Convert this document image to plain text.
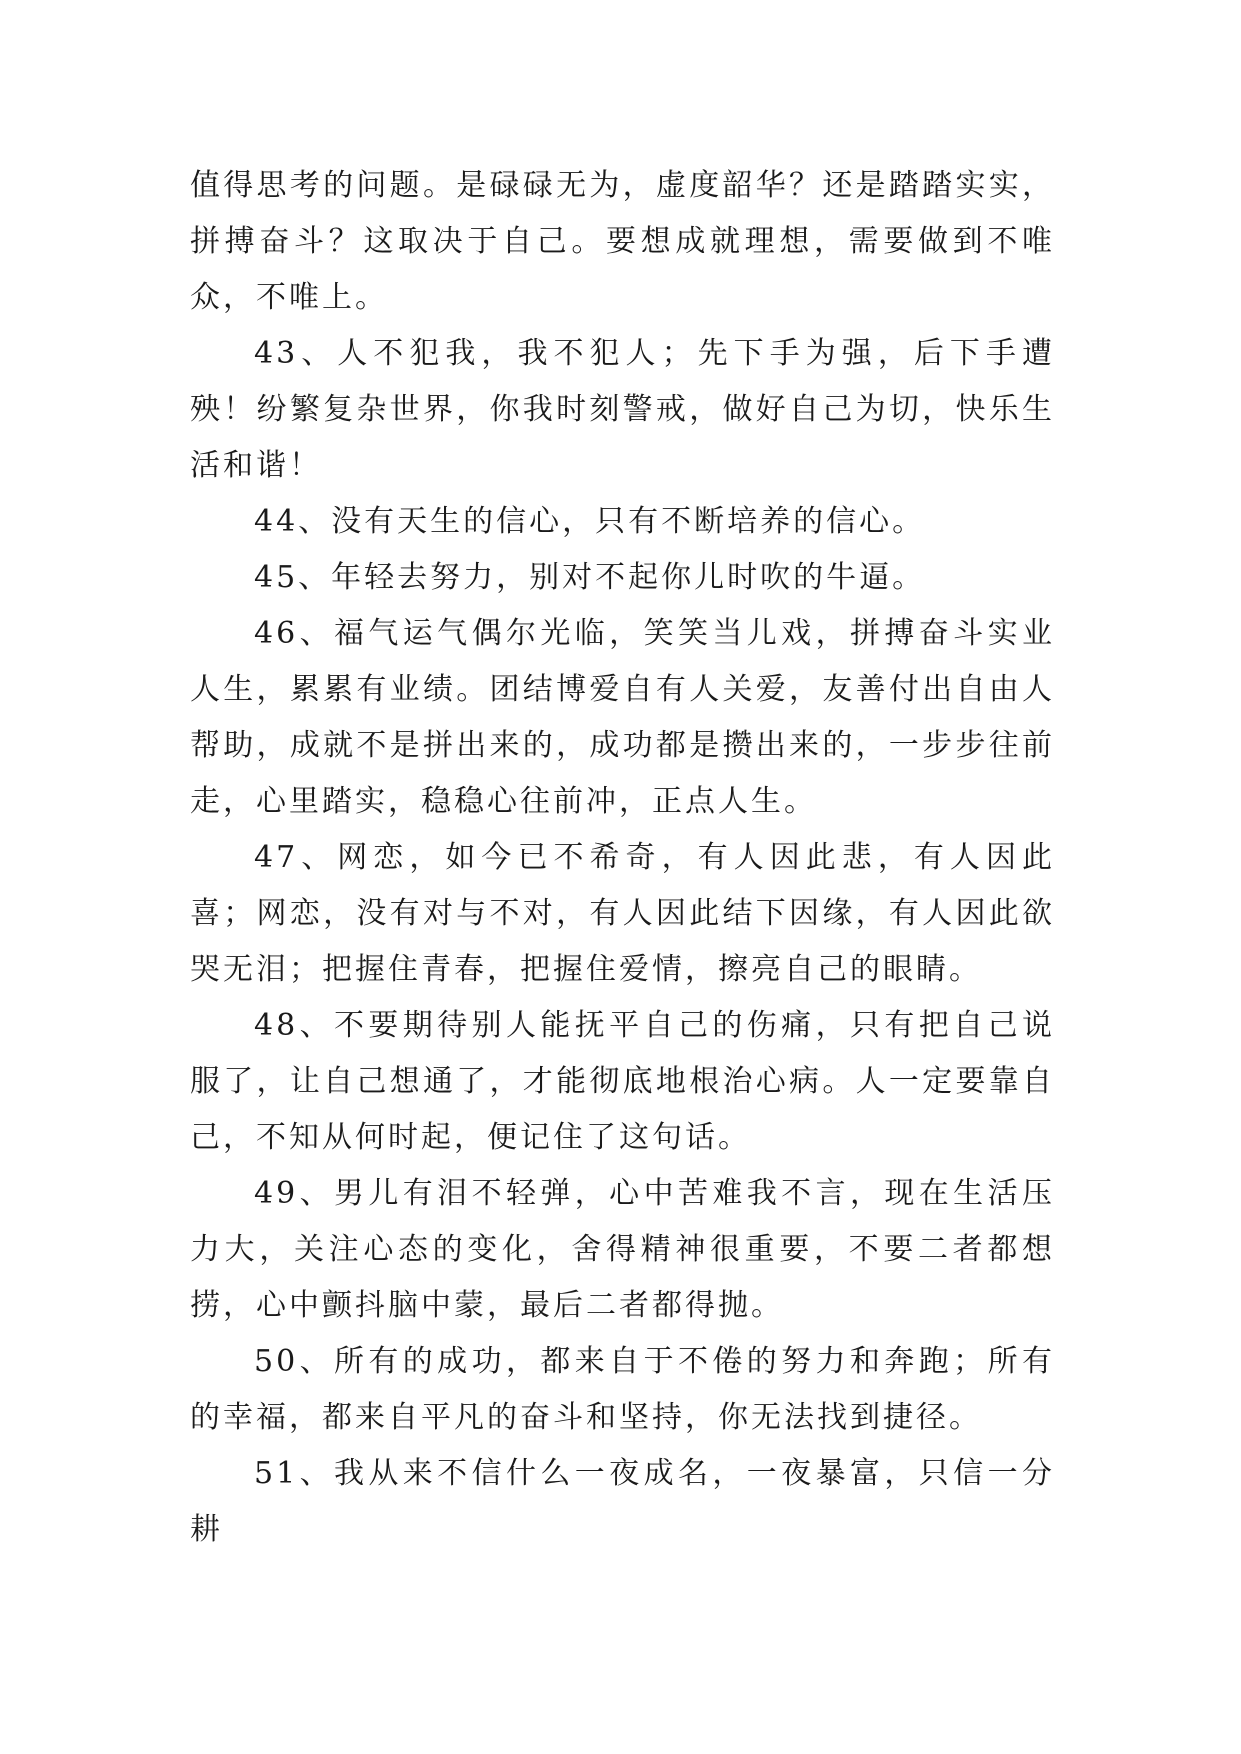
值得思考的问题。是碌碌无为，虚度韶华？还是踏踏实实，拼搏奋斗？这取决于自己。要想成就理想，需要做到不唯众，不唯上。

43、人不犯我，我不犯人；先下手为强，后下手遭殃！纷繁复杂世界，你我时刻警戒，做好自己为切，快乐生活和谐！

44、没有天生的信心，只有不断培养的信心。

45、年轻去努力，别对不起你儿时吹的牛逼。

46、福气运气偶尔光临，笑笑当儿戏，拼搏奋斗实业人生，累累有业绩。团结博爱自有人关爱，友善付出自由人帮助，成就不是拼出来的，成功都是攒出来的，一步步往前走，心里踏实，稳稳心往前冲，正点人生。

47、网恋，如今已不希奇，有人因此悲，有人因此喜；网恋，没有对与不对，有人因此结下因缘，有人因此欲哭无泪；把握住青春，把握住爱情，擦亮自己的眼睛。

48、不要期待别人能抚平自己的伤痛，只有把自己说服了，让自己想通了，才能彻底地根治心病。人一定要靠自己，不知从何时起，便记住了这句话。

49、男儿有泪不轻弹，心中苦难我不言，现在生活压力大，关注心态的变化，舍得精神很重要，不要二者都想捞，心中颤抖脑中蒙，最后二者都得抛。

50、所有的成功，都来自于不倦的努力和奔跑；所有的幸福，都来自平凡的奋斗和坚持，你无法找到捷径。

51、我从来不信什么一夜成名，一夜暴富，只信一分耕
